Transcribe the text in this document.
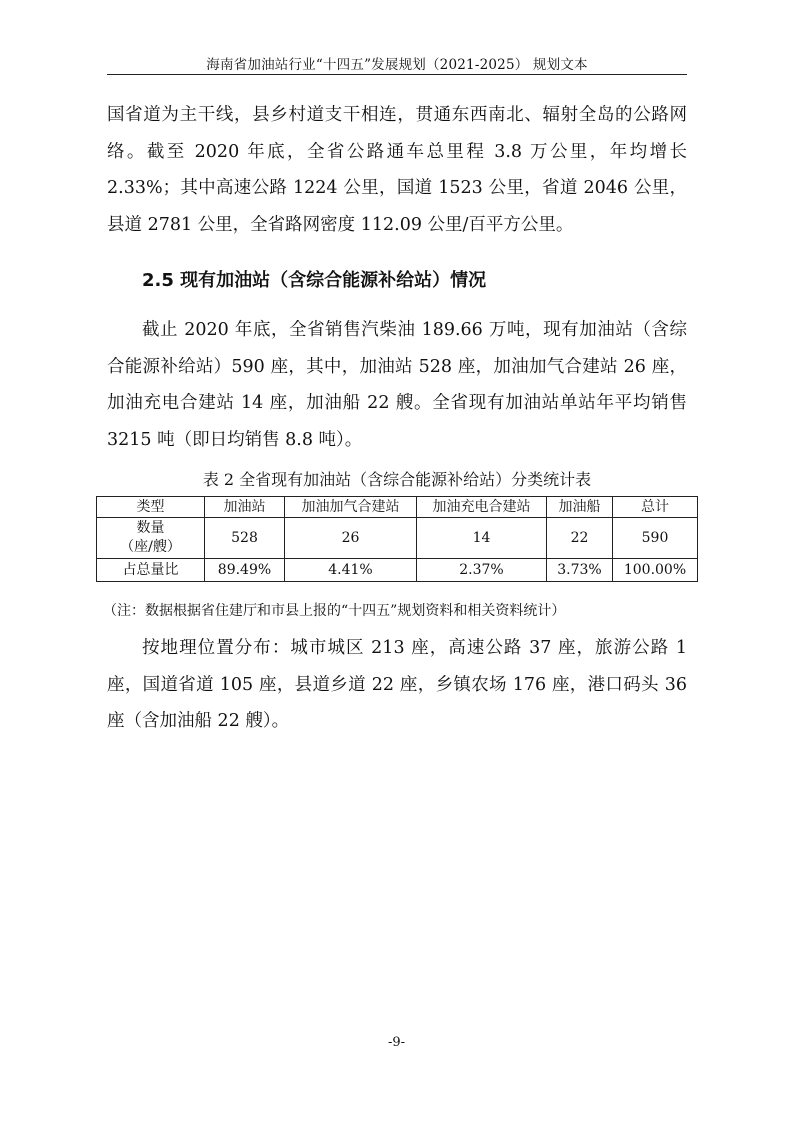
海南省加油站行业“十四五”发展规划（2021-2025） 规划文本

国省道为主干线，县乡村道支干相连，贯通东西南北、辐射全岛的公路网络。截至 2020 年底，全省公路通车总里程 3.8 万公里，年均增长 2.33%；其中高速公路 1224 公里，国道 1523 公里，省道 2046 公里，县道 2781 公里，全省路网密度 112.09 公里/百平方公里。

2.5 现有加油站（含综合能源补给站）情况

截止 2020 年底，全省销售汽柴油 189.66 万吨，现有加油站（含综合能源补给站）590 座，其中，加油站 528 座，加油加气合建站 26 座，加油充电合建站 14 座，加油船 22 艘。全省现有加油站单站年平均销售 3215 吨（即日均销售 8.8 吨）。

表 2 全省现有加油站（含综合能源补给站）分类统计表

类型	加油站	加油加气合建站	加油充电合建站	加油船	总计

数量
（座/艘）	528	26	14	22	590
占总量比	89.49%	4.41%	2.37%	3.73%	100.00%

（注：数据根据省住建厅和市县上报的“十四五”规划资料和相关资料统计）

按地理位置分布：城市城区 213 座，高速公路 37 座，旅游公路 1 座，国道省道 105 座，县道乡道 22 座，乡镇农场 176 座，港口码头 36 座（含加油船 22 艘）。

-9-
